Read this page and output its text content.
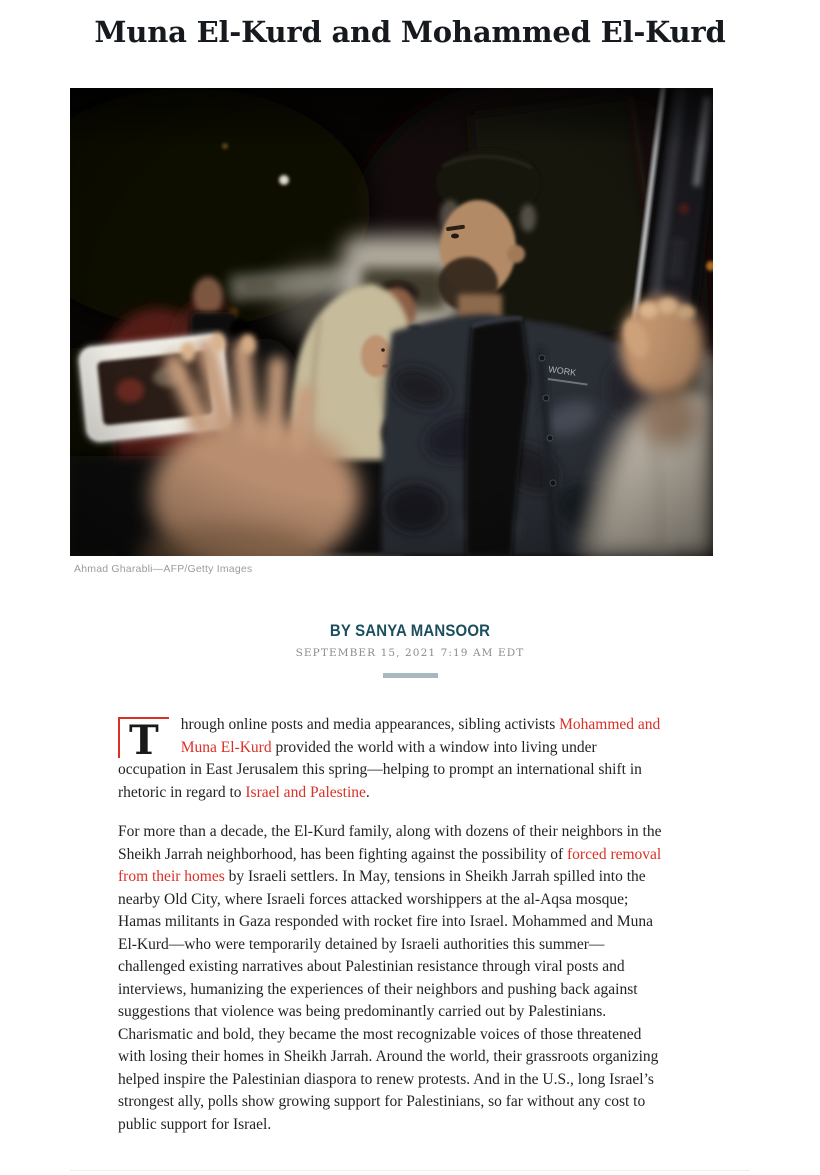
Muna El-Kurd and Mohammed El-Kurd
Ahmad Gharabli—AFP/Getty Images
BY SANYA MANSOOR
SEPTEMBER 15, 2021 7:19 AM EDT

T hrough online posts and media appearances, sibling activists Mohammed and Muna El-Kurd provided the world with a window into living under occupation in East Jerusalem this spring—helping to prompt an international shift in rhetoric in regard to Israel and Palestine.

For more than a decade, the El-Kurd family, along with dozens of their neighbors in the Sheikh Jarrah neighborhood, has been fighting against the possibility of forced removal from their homes by Israeli settlers. In May, tensions in Sheikh Jarrah spilled into the nearby Old City, where Israeli forces attacked worshippers at the al-Aqsa mosque; Hamas militants in Gaza responded with rocket fire into Israel. Mohammed and Muna El-Kurd—who were temporarily detained by Israeli authorities this summer—challenged existing narratives about Palestinian resistance through viral posts and interviews, humanizing the experiences of their neighbors and pushing back against suggestions that violence was being predominantly carried out by Palestinians. Charismatic and bold, they became the most recognizable voices of those threatened with losing their homes in Sheikh Jarrah. Around the world, their grassroots organizing helped inspire the Palestinian diaspora to renew protests. And in the U.S., long Israel’s strongest ally, polls show growing support for Palestinians, so far without any cost to public support for Israel.
